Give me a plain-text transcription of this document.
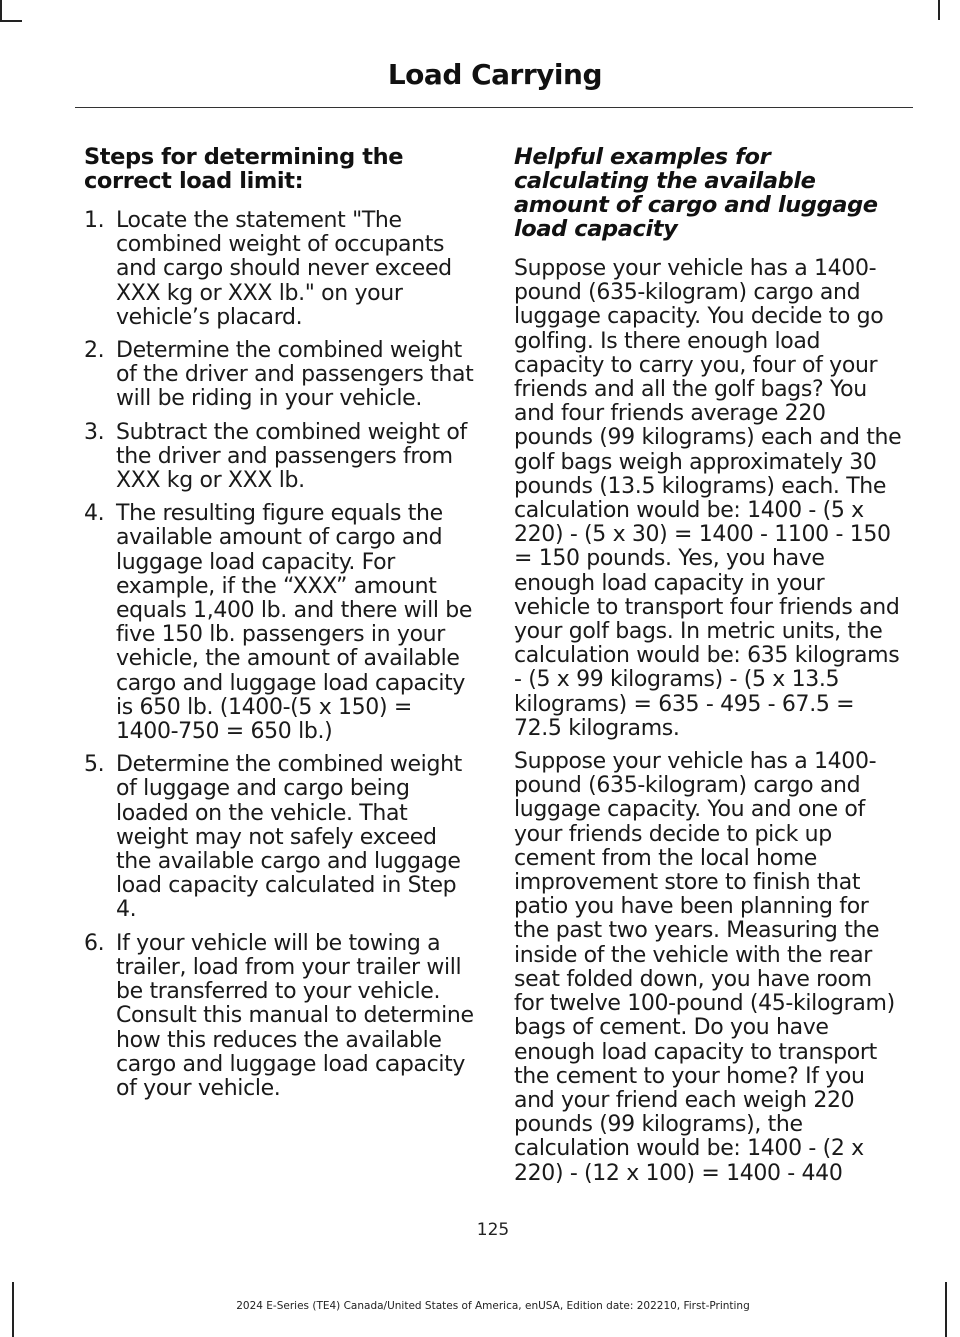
Load Carrying
Steps for determining the correct load limit:
1. Locate the statement "The combined weight of occupants and cargo should never exceed XXX kg or XXX lb." on your vehicle’s placard.
2. Determine the combined weight of the driver and passengers that will be riding in your vehicle.
3. Subtract the combined weight of the driver and passengers from XXX kg or XXX lb.
4. The resulting figure equals the available amount of cargo and luggage load capacity. For example, if the “XXX” amount equals 1,400 lb. and there will be five 150 lb. passengers in your vehicle, the amount of available cargo and luggage load capacity is 650 lb. (1400-(5 x 150) = 1400-750 = 650 lb.)
5. Determine the combined weight of luggage and cargo being loaded on the vehicle. That weight may not safely exceed the available cargo and luggage load capacity calculated in Step 4.
6. If your vehicle will be towing a trailer, load from your trailer will be transferred to your vehicle. Consult this manual to determine how this reduces the available cargo and luggage load capacity of your vehicle.
Helpful examples for calculating the available amount of cargo and luggage load capacity

Suppose your vehicle has a 1400-pound (635-kilogram) cargo and luggage capacity. You decide to go golfing. Is there enough load capacity to carry you, four of your friends and all the golf bags? You and four friends average 220 pounds (99 kilograms) each and the golf bags weigh approximately 30 pounds (13.5 kilograms) each. The calculation would be: 1400 - (5 x 220) - (5 x 30) = 1400 - 1100 - 150 = 150 pounds. Yes, you have enough load capacity in your vehicle to transport four friends and your golf bags. In metric units, the calculation would be: 635 kilograms - (5 x 99 kilograms) - (5 x 13.5 kilograms) = 635 - 495 - 67.5 = 72.5 kilograms.

Suppose your vehicle has a 1400-pound (635-kilogram) cargo and luggage capacity. You and one of your friends decide to pick up cement from the local home improvement store to finish that patio you have been planning for the past two years. Measuring the inside of the vehicle with the rear seat folded down, you have room for twelve 100-pound (45-kilogram) bags of cement. Do you have enough load capacity to transport the cement to your home? If you and your friend each weigh 220 pounds (99 kilograms), the calculation would be: 1400 - (2 x 220) - (12 x 100) = 1400 - 440

125

2024 E-Series (TE4) Canada/United States of America, enUSA, Edition date: 202210, First-Printing
